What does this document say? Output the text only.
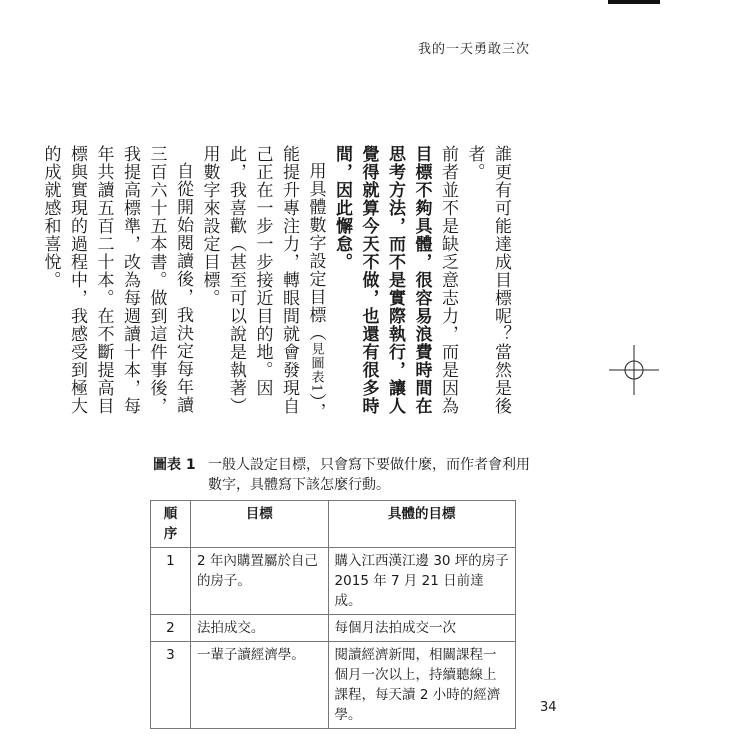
我的一天勇敢三次

誰更有可能達成目標呢？當然是後者。

前者並不是缺乏意志力，而是因為目標不夠具體，很容易浪費時間在思考方法，而不是實際執行，讓人覺得就算今天不做，也還有很多時間，因此懈怠。

用具體數字設定目標（見圖表1），能提升專注力，轉眼間就會發現自己正在一步一步接近目的地。因此，我喜歡（甚至可以說是執著）用數字來設定目標。

自從開始閱讀後，我決定每年讀三百六十五本書。做到這件事後，我提高標準，改為每週讀十本，每年共讀五百二十本。在不斷提高目標與實現的過程中，我感受到極大的成就感和喜悅。

圖表 1 一般人設定目標，只會寫下要做什麼，而作者會利用數字，具體寫下該怎麼行動。
順序	目標	具體的目標
1	2 年內購置屬於自己的房子。	購入江西漢江邊 30 坪的房子 2015 年 7 月 21 日前達成。
2	法拍成交。	每個月法拍成交一次
3	一輩子讀經濟學。	閱讀經濟新聞，相關課程一個月一次以上，持續聽線上課程，每天讀 2 小時的經濟學。	34
